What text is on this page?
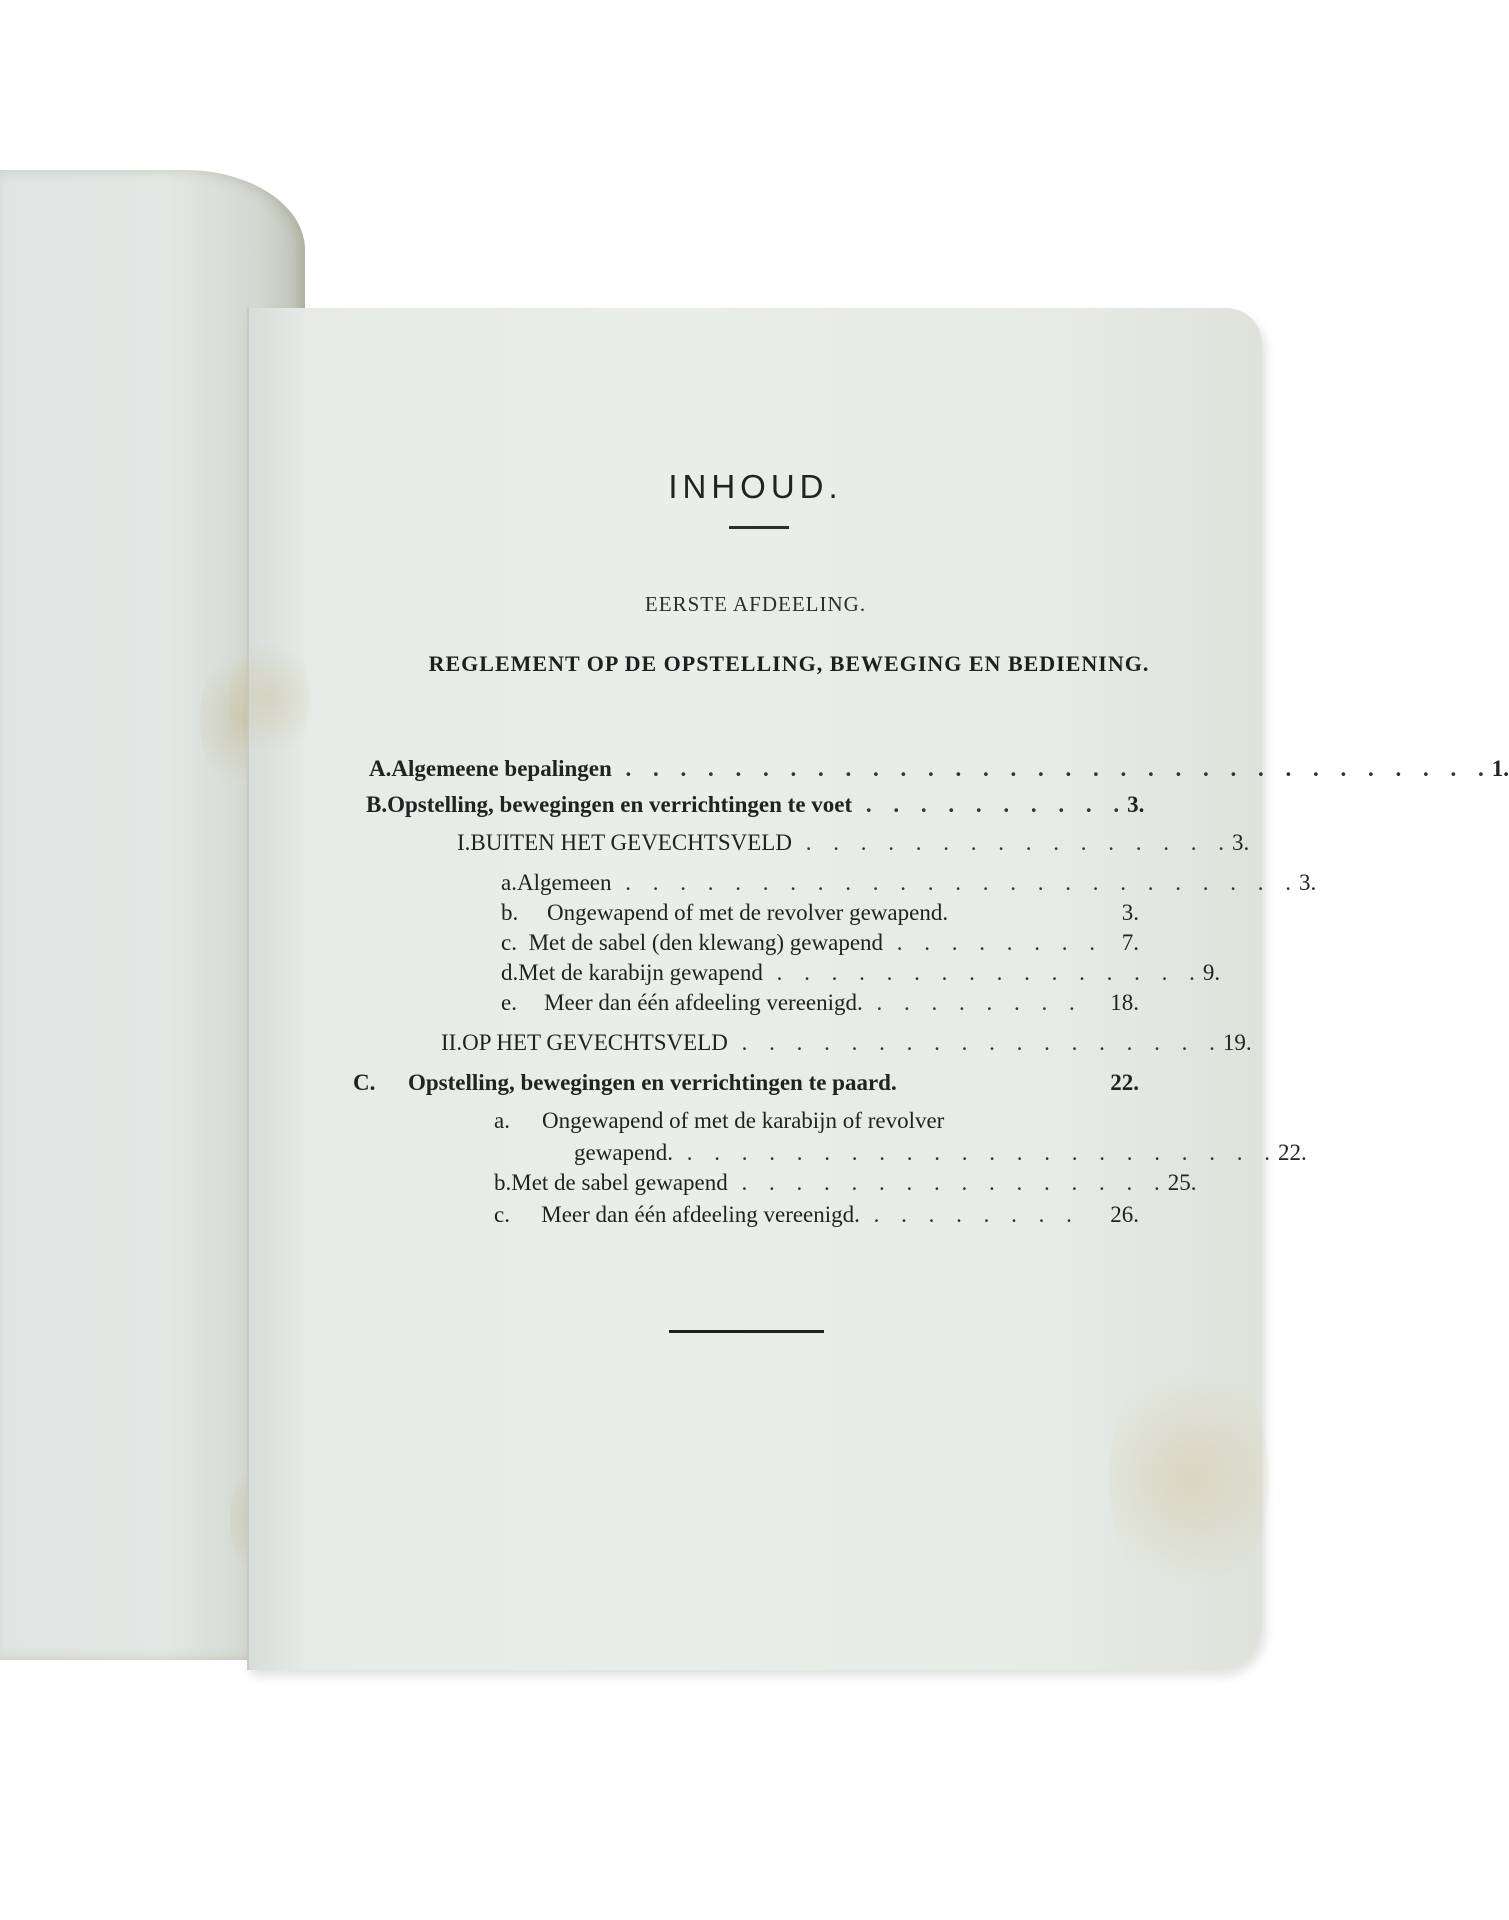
INHOUD.
EERSTE AFDEELING.
REGLEMENT OP DE OPSTELLING, BEWEGING EN BEDIENING.
A. Algemeene bepalingen . . . . . . . . . . . . . . . . . . . . . . . . . . . . . . . . 1.
B. Opstelling, bewegingen en verrichtingen te voet . . . . . . . . . . 3.
I. BUITEN HET GEVECHTSVELD . . . . . . . . . . . . . . . . 3.
a. Algemeen . . . . . . . . . . . . . . . . . . . . . . . . . 3.
b.	Ongewapend of met de revolver gewapend.	3.
c. Met de sabel (den klewang) gewapend . . . . . . . . 7.
d. Met de karabijn gewapend . . . . . . . . . . . . . . . . 9.
e.	Meer dan één afdeeling vereenigd. . . . . . . . .	18.
II. OP HET GEVECHTSVELD . . . . . . . . . . . . . . . . . . 19.
C.	Opstelling, bewegingen en verrichtingen te paard.	22.
a.	Ongewapend of met de karabijn of revolver
gewapend. . . . . . . . . . . . . . . . . . . . . . . 22.
b. Met de sabel gewapend . . . . . . . . . . . . . . . . 25.
c.	Meer dan één afdeeling vereenigd. . . . . . . . .	26.
